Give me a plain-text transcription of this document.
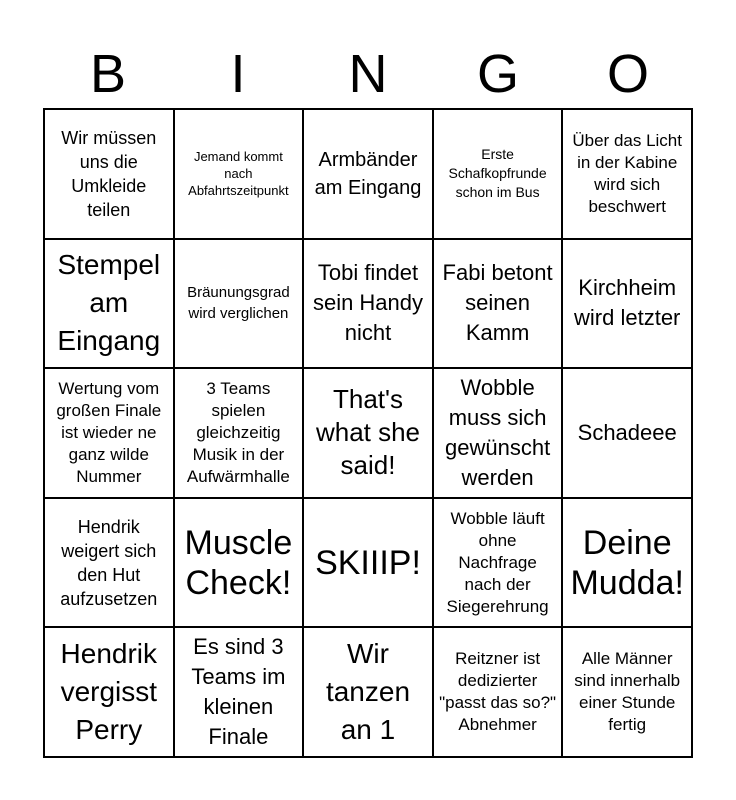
B	I	N	G	O
Wir müssen uns die Umkleide teilen
Jemand kommt nach Abfahrtszeitpunkt
Armbänder am Eingang
Erste Schafkopfrunde schon im Bus
Über das Licht in der Kabine wird sich beschwert
Stempel am Eingang
Bräunungsgrad wird verglichen
Tobi findet sein Handy nicht
Fabi betont seinen Kamm
Kirchheim wird letzter
Wertung vom großen Finale ist wieder ne ganz wilde Nummer
3 Teams spielen gleichzeitig Musik in der Aufwärmhalle
That's what she said!
Wobble muss sich gewünscht werden
Schadeee
Hendrik weigert sich den Hut aufzusetzen
Muscle Check!
SKIIIP!
Wobble läuft ohne Nachfrage nach der Siegerehrung
Deine Mudda!
Hendrik vergisst Perry
Es sind 3 Teams im kleinen Finale
Wir tanzen an 1
Reitzner ist dedizierter "passt das so?" Abnehmer
Alle Männer sind innerhalb einer Stunde fertig
